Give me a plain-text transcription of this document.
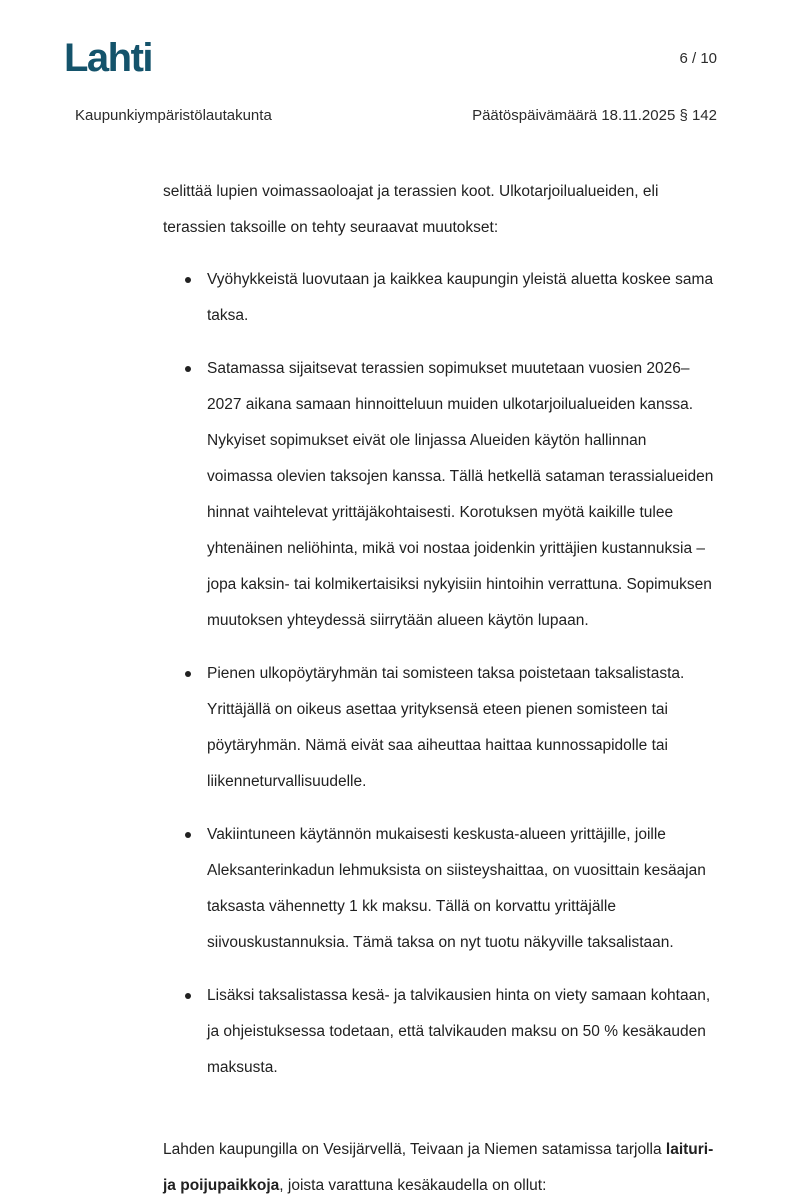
Lahti	6 / 10
Kaupunkiympäristölautakunta	Päätöspäivämäärä 18.11.2025 § 142

selittää lupien voimassaoloajat ja terassien koot. Ulkotarjoilualueiden, eli terassien taksoille on tehty seuraavat muutokset:

Vyöhykkeistä luovutaan ja kaikkea kaupungin yleistä aluetta koskee sama taksa.
Satamassa sijaitsevat terassien sopimukset muutetaan vuosien 2026–2027 aikana samaan hinnoitteluun muiden ulkotarjoilualueiden kanssa. Nykyiset sopimukset eivät ole linjassa Alueiden käytön hallinnan voimassa olevien taksojen kanssa. Tällä hetkellä sataman terassialueiden hinnat vaihtelevat yrittäjäkohtaisesti. Korotuksen myötä kaikille tulee yhtenäinen neliöhinta, mikä voi nostaa joidenkin yrittäjien kustannuksia – jopa kaksin- tai kolmikertaisiksi nykyisiin hintoihin verrattuna. Sopimuksen muutoksen yhteydessä siirrytään alueen käytön lupaan.
Pienen ulkopöytäryhmän tai somisteen taksa poistetaan taksalistasta. Yrittäjällä on oikeus asettaa yrityksensä eteen pienen somisteen tai pöytäryhmän. Nämä eivät saa aiheuttaa haittaa kunnossapidolle tai liikenneturvallisuudelle.
Vakiintuneen käytännön mukaisesti keskusta-alueen yrittäjille, joille Aleksanterinkadun lehmuksista on siisteyshaittaa, on vuosittain kesäajan taksasta vähennetty 1 kk maksu. Tällä on korvattu yrittäjälle siivouskustannuksia. Tämä taksa on nyt tuotu näkyville taksalistaan.
Lisäksi taksalistassa kesä- ja talvikausien hinta on viety samaan kohtaan, ja ohjeistuksessa todetaan, että talvikauden maksu on 50 % kesäkauden maksusta.

Lahden kaupungilla on Vesijärvellä, Teivaan ja Niemen satamissa tarjolla laituri- ja poijupaikkoja, joista varattuna kesäkaudella on ollut:
